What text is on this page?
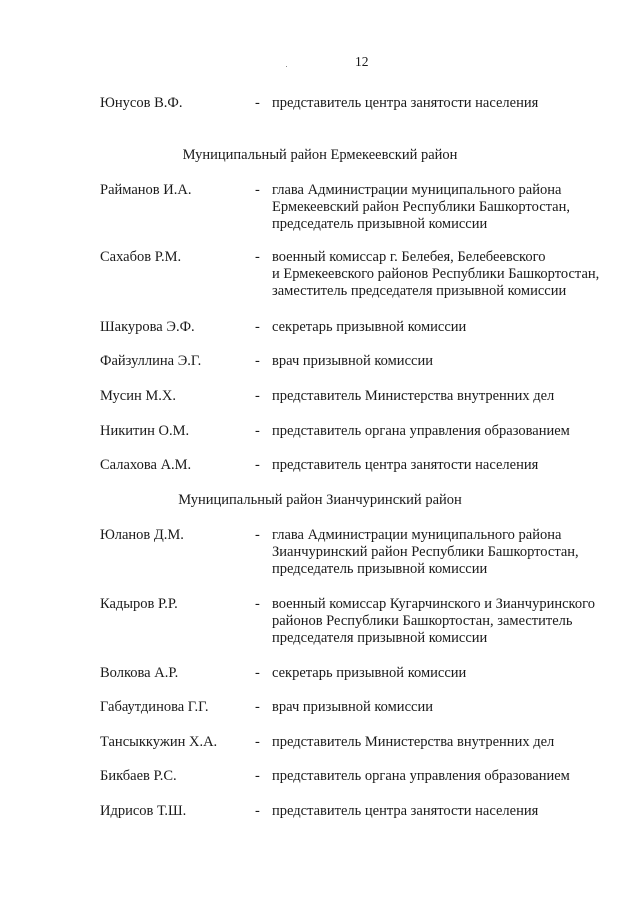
12
Юнусов В.Ф.	- представитель центра занятости населения
Муниципальный район Ермекеевский район
Райманов И.А.	- глава Администрации муниципального района
Ермекеевский район Республики Башкортостан,
председатель призывной комиссии
Сахабов Р.М.	- военный комиссар г. Белебея, Белебеевского
и Ермекеевского районов Республики Башкортостан,
заместитель председателя призывной комиссии
Шакурова Э.Ф.	- секретарь призывной комиссии
Файзуллина Э.Г.	- врач призывной комиссии
Мусин М.Х.	- представитель Министерства внутренних дел
Никитин О.М.	- представитель органа управления образованием
Салахова А.М.	- представитель центра занятости населения
Муниципальный район Зианчуринский район
Юланов Д.М.	- глава Администрации муниципального района
Зианчуринский район Республики Башкортостан,
председатель призывной комиссии
Кадыров Р.Р.	- военный комиссар Кугарчинского и Зианчуринского
районов Республики Башкортостан, заместитель
председателя призывной комиссии
Волкова А.Р.	- секретарь призывной комиссии
Габаутдинова Г.Г.	- врач призывной комиссии
Тансыккужин Х.А.	- представитель Министерства внутренних дел
Бикбаев Р.С.	- представитель органа управления образованием
Идрисов Т.Ш.	- представитель центра занятости населения
